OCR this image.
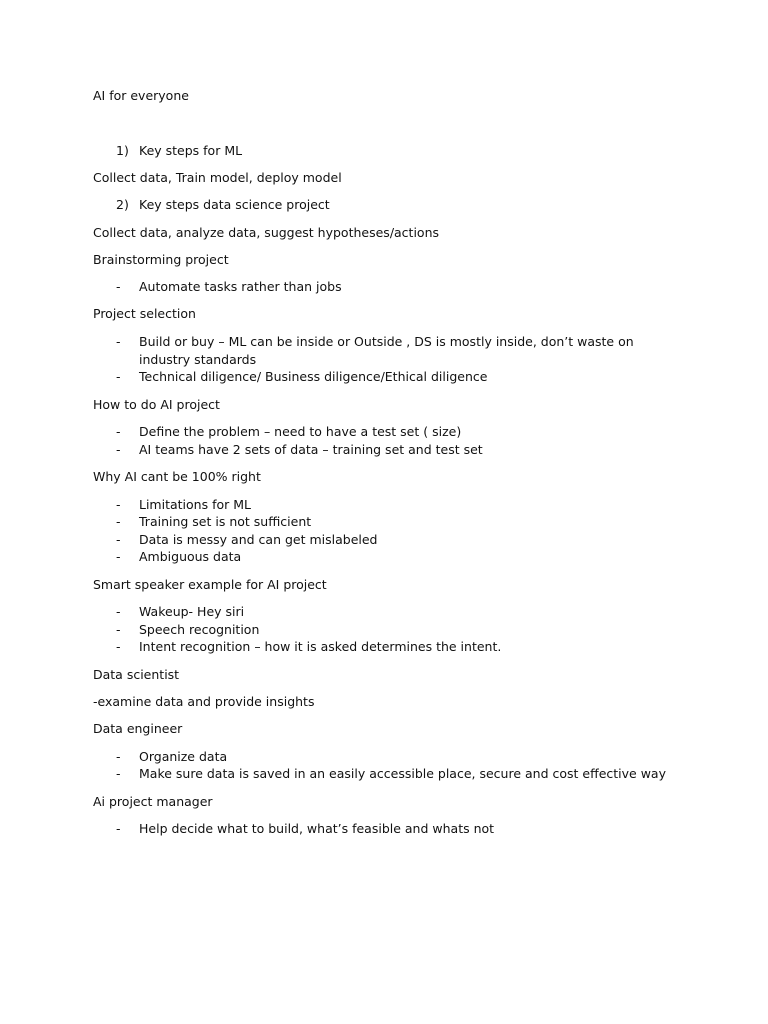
AI for everyone
1) Key steps for ML
Collect data, Train model, deploy model
2) Key steps data science project
Collect data, analyze data, suggest hypotheses/actions
Brainstorming project
- Automate tasks rather than jobs
Project selection
- Build or buy – ML can be inside or Outside , DS is mostly inside, don’t waste on industry standards
- Technical diligence/ Business diligence/Ethical diligence
How to do AI project
- Define the problem – need to have a test set ( size)
- AI teams have 2 sets of data – training set and test set
Why AI cant be 100% right
- Limitations for ML
- Training set is not sufficient
- Data is messy and can get mislabeled
- Ambiguous data
Smart speaker example for AI project
- Wakeup- Hey siri
- Speech recognition
- Intent recognition – how it is asked determines the intent.
Data scientist
-examine data and provide insights
Data engineer
- Organize data
- Make sure data is saved in an easily accessible place, secure and cost effective way
Ai project manager
- Help decide what to build, what’s feasible and whats not
